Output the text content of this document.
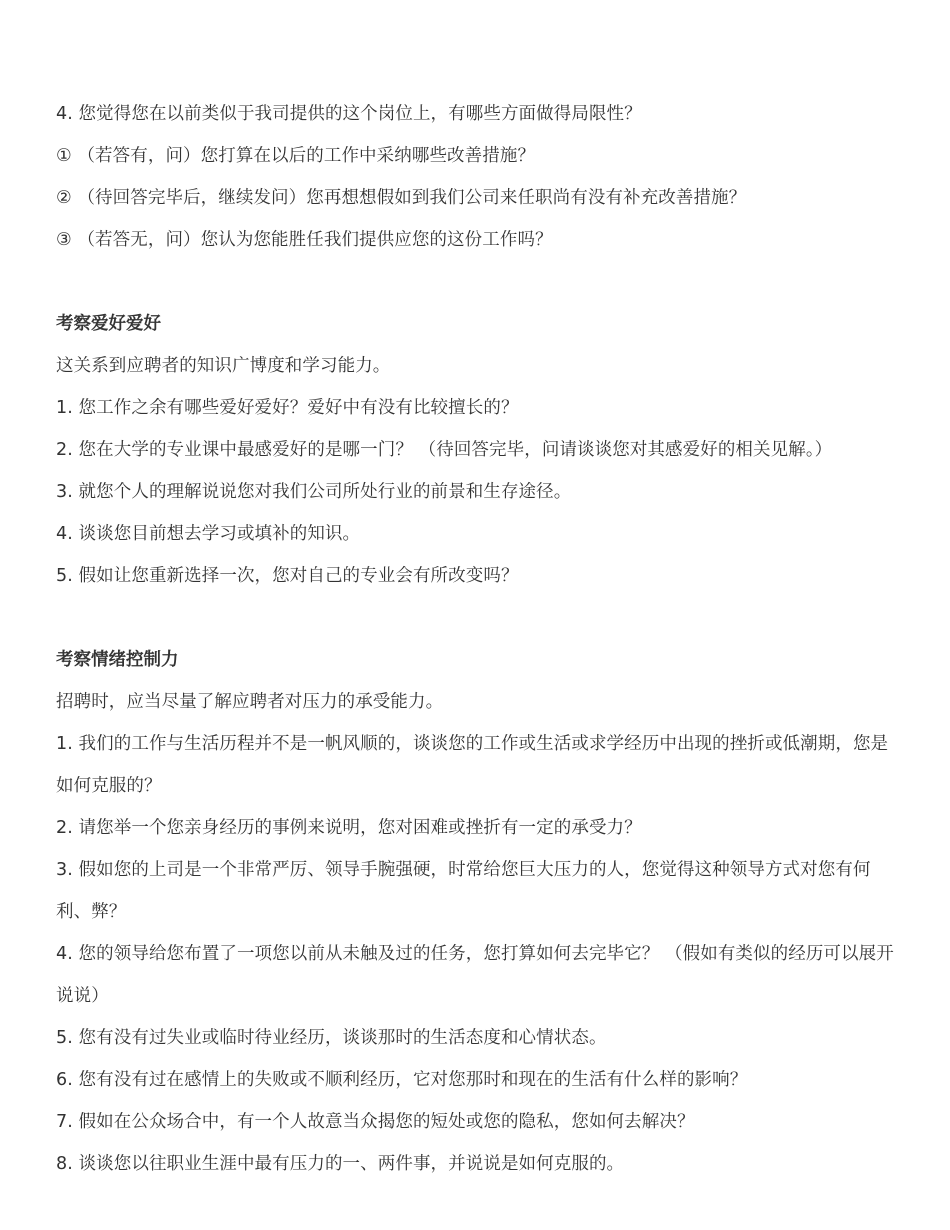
4. 您觉得您在以前类似于我司提供的这个岗位上，有哪些方面做得局限性？
① （若答有，问）您打算在以后的工作中采纳哪些改善措施？
② （待回答完毕后，继续发问）您再想想假如到我们公司来任职尚有没有补充改善措施？
③ （若答无，问）您认为您能胜任我们提供应您的这份工作吗？
考察爱好爱好
这关系到应聘者的知识广博度和学习能力。
1. 您工作之余有哪些爱好爱好？爱好中有没有比较擅长的？
2. 您在大学的专业课中最感爱好的是哪一门？ （待回答完毕，问请谈谈您对其感爱好的相关见解。）
3. 就您个人的理解说说您对我们公司所处行业的前景和生存途径。
4. 谈谈您目前想去学习或填补的知识。
5. 假如让您重新选择一次，您对自己的专业会有所改变吗？
考察情绪控制力
招聘时，应当尽量了解应聘者对压力的承受能力。
1. 我们的工作与生活历程并不是一帆风顺的，谈谈您的工作或生活或求学经历中出现的挫折或低潮期，您是如何克服的？
2. 请您举一个您亲身经历的事例来说明，您对困难或挫折有一定的承受力？
3. 假如您的上司是一个非常严厉、领导手腕强硬，时常给您巨大压力的人，您觉得这种领导方式对您有何利、弊？
4. 您的领导给您布置了一项您以前从未触及过的任务，您打算如何去完毕它？ （假如有类似的经历可以展开说说）
5. 您有没有过失业或临时待业经历，谈谈那时的生活态度和心情状态。
6. 您有没有过在感情上的失败或不顺利经历，它对您那时和现在的生活有什么样的影响？
7. 假如在公众场合中，有一个人故意当众揭您的短处或您的隐私，您如何去解决？
8. 谈谈您以往职业生涯中最有压力的一、两件事，并说说是如何克服的。
